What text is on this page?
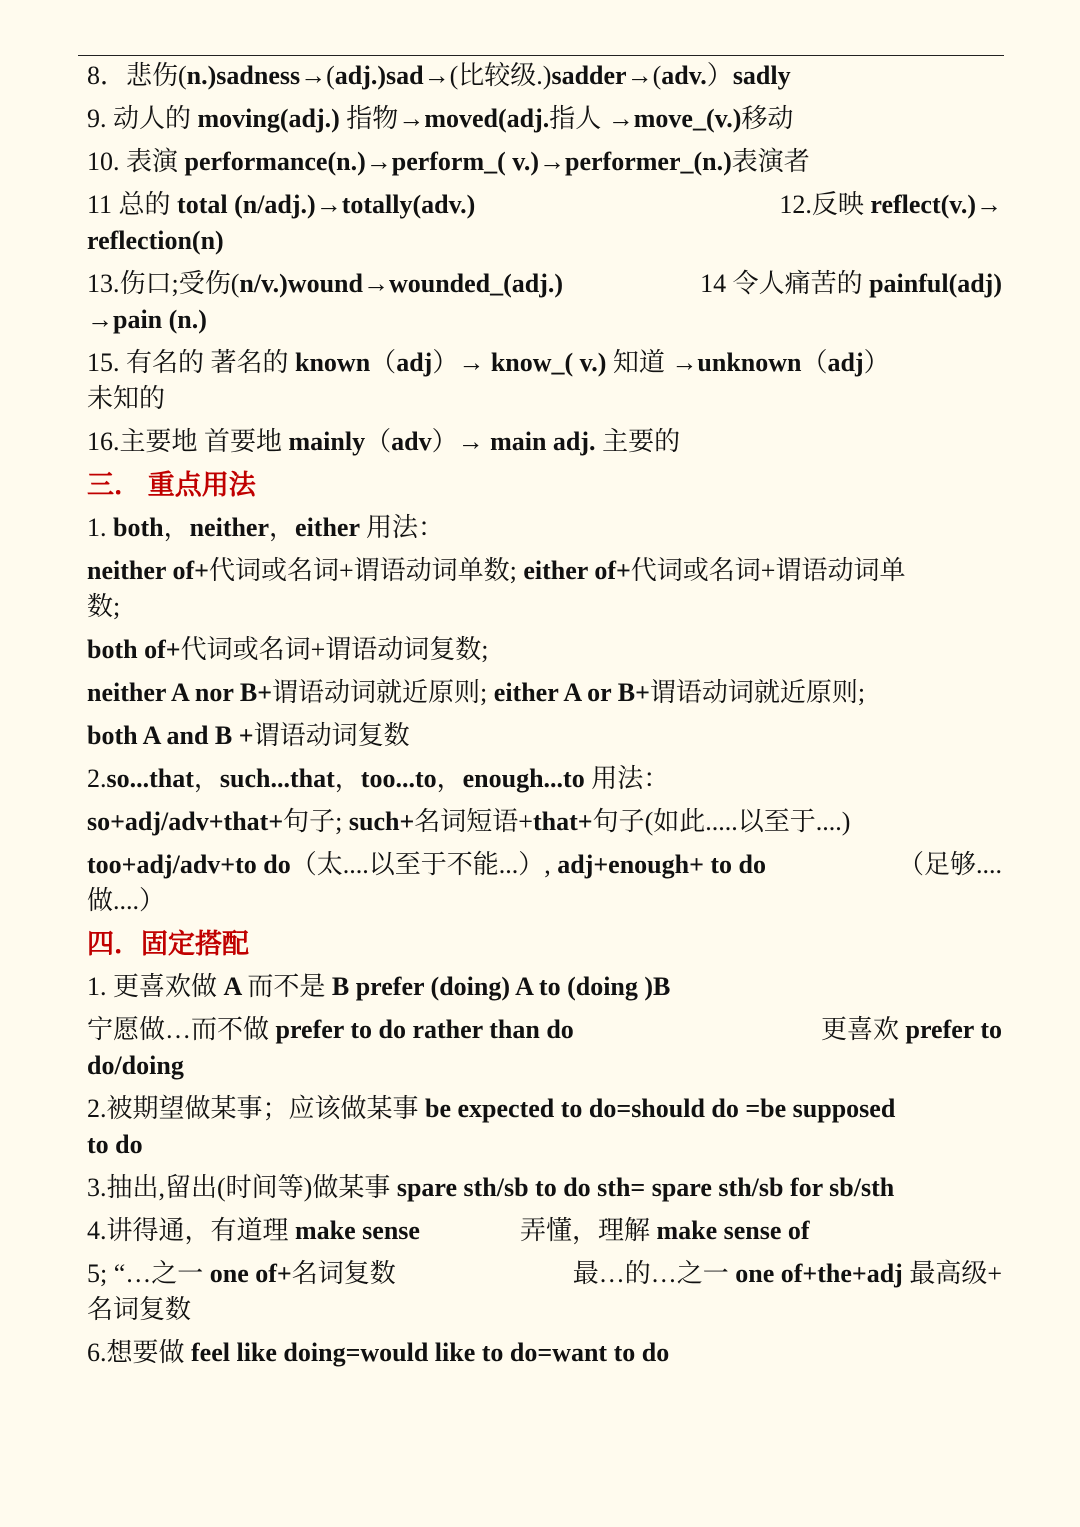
8．悲伤(n.)sadness→(adj.)sad→(比较级.)sadder→(adv.）sadly
9. 动人的 moving(adj.) 指物→moved(adj.指人 →move_(v.)移动
10. 表演 performance(n.)→perform_( v.)→performer_(n.)表演者
11 总的 total (n/adj.)→totally(adv.)	12.反映 reflect(v.)→
reflection(n)
13.伤口;受伤(n/v.)wound→wounded_(adj.)	14 令人痛苦的 painful(adj)
→pain (n.)
15. 有名的 著名的 known（adj）→ know_( v.) 知道 →unknown（adj）
未知的
16.主要地 首要地 mainly（adv）→ main adj. 主要的
三． 重点用法
1. both，neither，either 用法：
neither of+代词或名词+谓语动词单数; either of+代词或名词+谓语动词单
数;
both of+代词或名词+谓语动词复数;
neither A nor B+谓语动词就近原则; either A or B+谓语动词就近原则;
both A and B +谓语动词复数
2.so...that，such...that，too...to，enough...to 用法：
so+adj/adv+that+句子; such+名词短语+that+句子(如此.....以至于....)
too+adj/adv+to do（太....以至于不能...）, adj+enough+ to do	（足够....
做....）
四．固定搭配
1. 更喜欢做 A 而不是 B prefer (doing) A to (doing )B
宁愿做…而不做 prefer to do rather than do	更喜欢 prefer to
do/doing
2.被期望做某事；应该做某事 be expected to do=should do =be supposed
to do
3.抽出,留出(时间等)做某事 spare sth/sb to do sth= spare sth/sb for sb/sth
4.讲得通，有道理 make sense	弄懂，理解 make sense of
5; “…之一 one of+名词复数	最…的…之一 one of+the+adj 最高级+
名词复数
6.想要做 feel like doing=would like to do=want to do
